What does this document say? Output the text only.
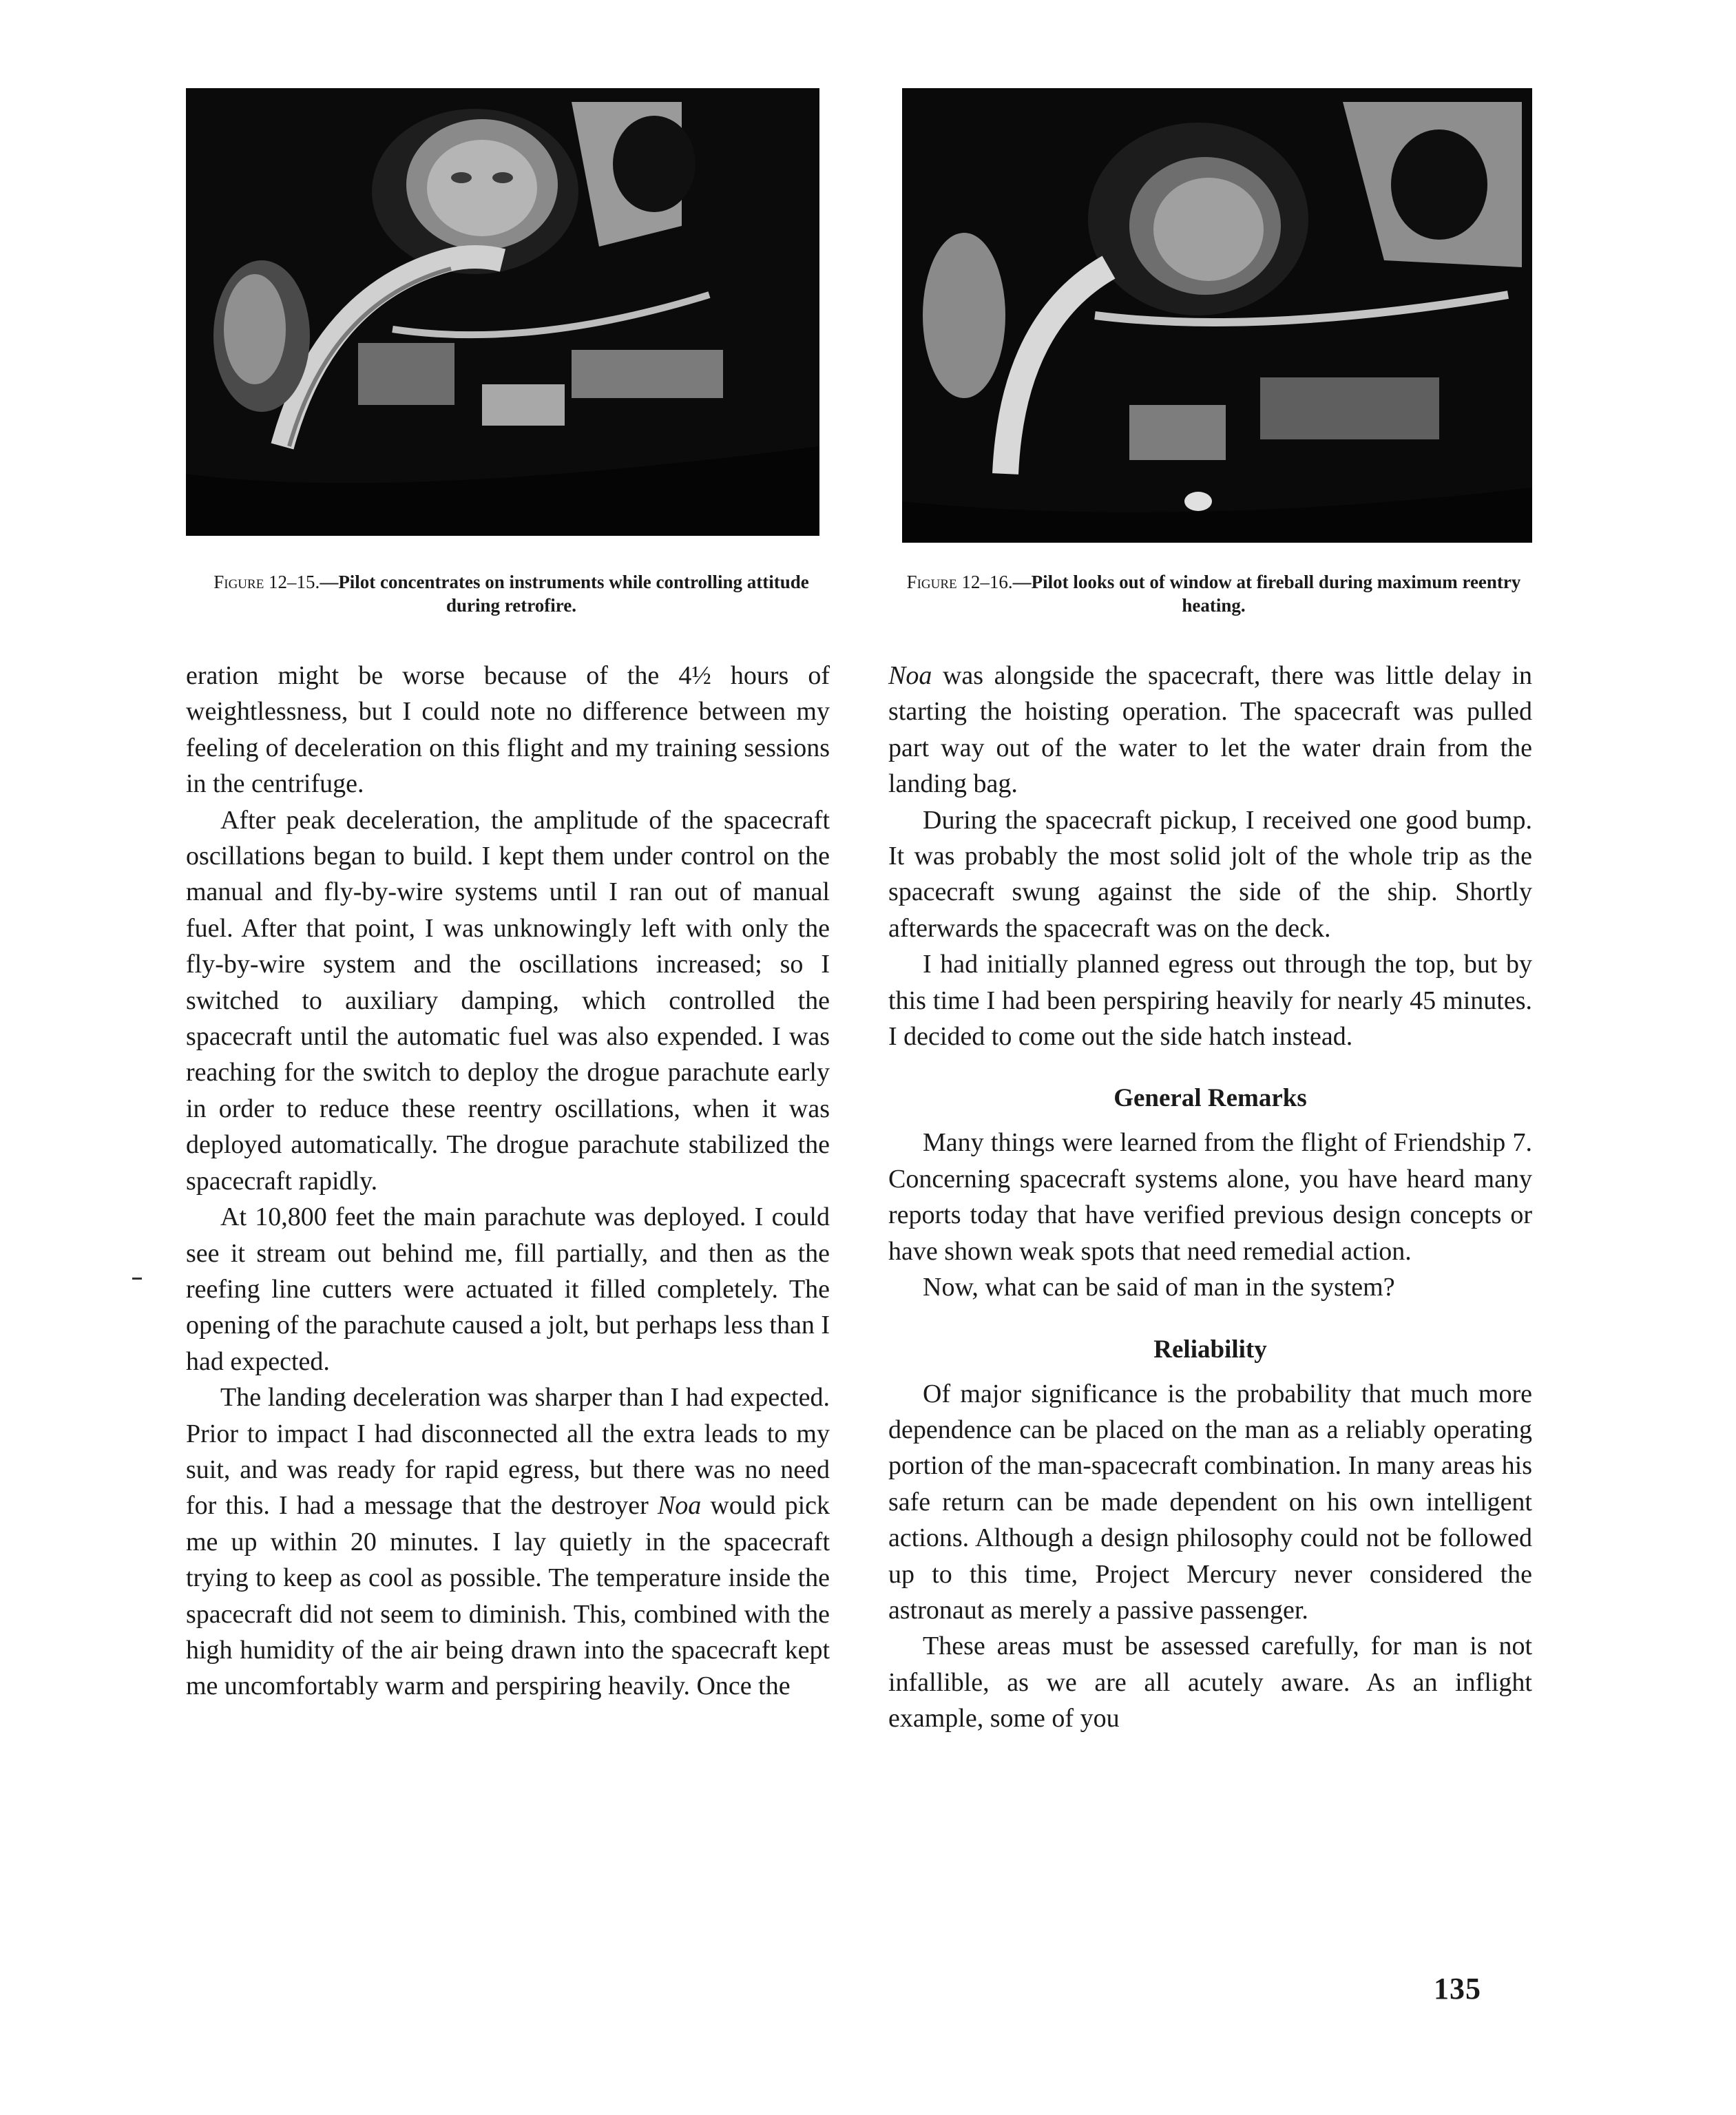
Figure 12–15.—Pilot concentrates on instruments while controlling attitude during retrofire.
Figure 12–16.—Pilot looks out of window at fireball during maximum reentry heating.

eration might be worse because of the 4½ hours of weightlessness, but I could note no difference between my feeling of deceleration on this flight and my training sessions in the centrifuge.

After peak deceleration, the amplitude of the spacecraft oscillations began to build. I kept them under control on the manual and fly-by-wire systems until I ran out of manual fuel. After that point, I was unknowingly left with only the fly-by-wire system and the oscillations increased; so I switched to auxiliary damping, which controlled the spacecraft until the automatic fuel was also expended. I was reaching for the switch to deploy the drogue parachute early in order to reduce these reentry oscillations, when it was deployed automatically. The drogue parachute stabilized the spacecraft rapidly.

At 10,800 feet the main parachute was deployed. I could see it stream out behind me, fill partially, and then as the reefing line cutters were actuated it filled completely. The opening of the parachute caused a jolt, but perhaps less than I had expected.

The landing deceleration was sharper than I had expected. Prior to impact I had disconnected all the extra leads to my suit, and was ready for rapid egress, but there was no need for this. I had a message that the destroyer Noa would pick me up within 20 minutes. I lay quietly in the spacecraft trying to keep as cool as possible. The temperature inside the spacecraft did not seem to diminish. This, combined with the high humidity of the air being drawn into the spacecraft kept me uncomfortably warm and perspiring heavily. Once the

Noa was alongside the spacecraft, there was little delay in starting the hoisting operation. The spacecraft was pulled part way out of the water to let the water drain from the landing bag.

During the spacecraft pickup, I received one good bump. It was probably the most solid jolt of the whole trip as the spacecraft swung against the side of the ship. Shortly afterwards the spacecraft was on the deck.

I had initially planned egress out through the top, but by this time I had been perspiring heavily for nearly 45 minutes. I decided to come out the side hatch instead.

General Remarks

Many things were learned from the flight of Friendship 7. Concerning spacecraft systems alone, you have heard many reports today that have verified previous design concepts or have shown weak spots that need remedial action.

Now, what can be said of man in the system?

Reliability

Of major significance is the probability that much more dependence can be placed on the man as a reliably operating portion of the man-spacecraft combination. In many areas his safe return can be made dependent on his own intelligent actions. Although a design philosophy could not be followed up to this time, Project Mercury never considered the astronaut as merely a passive passenger.

These areas must be assessed carefully, for man is not infallible, as we are all acutely aware. As an inflight example, some of you

135
